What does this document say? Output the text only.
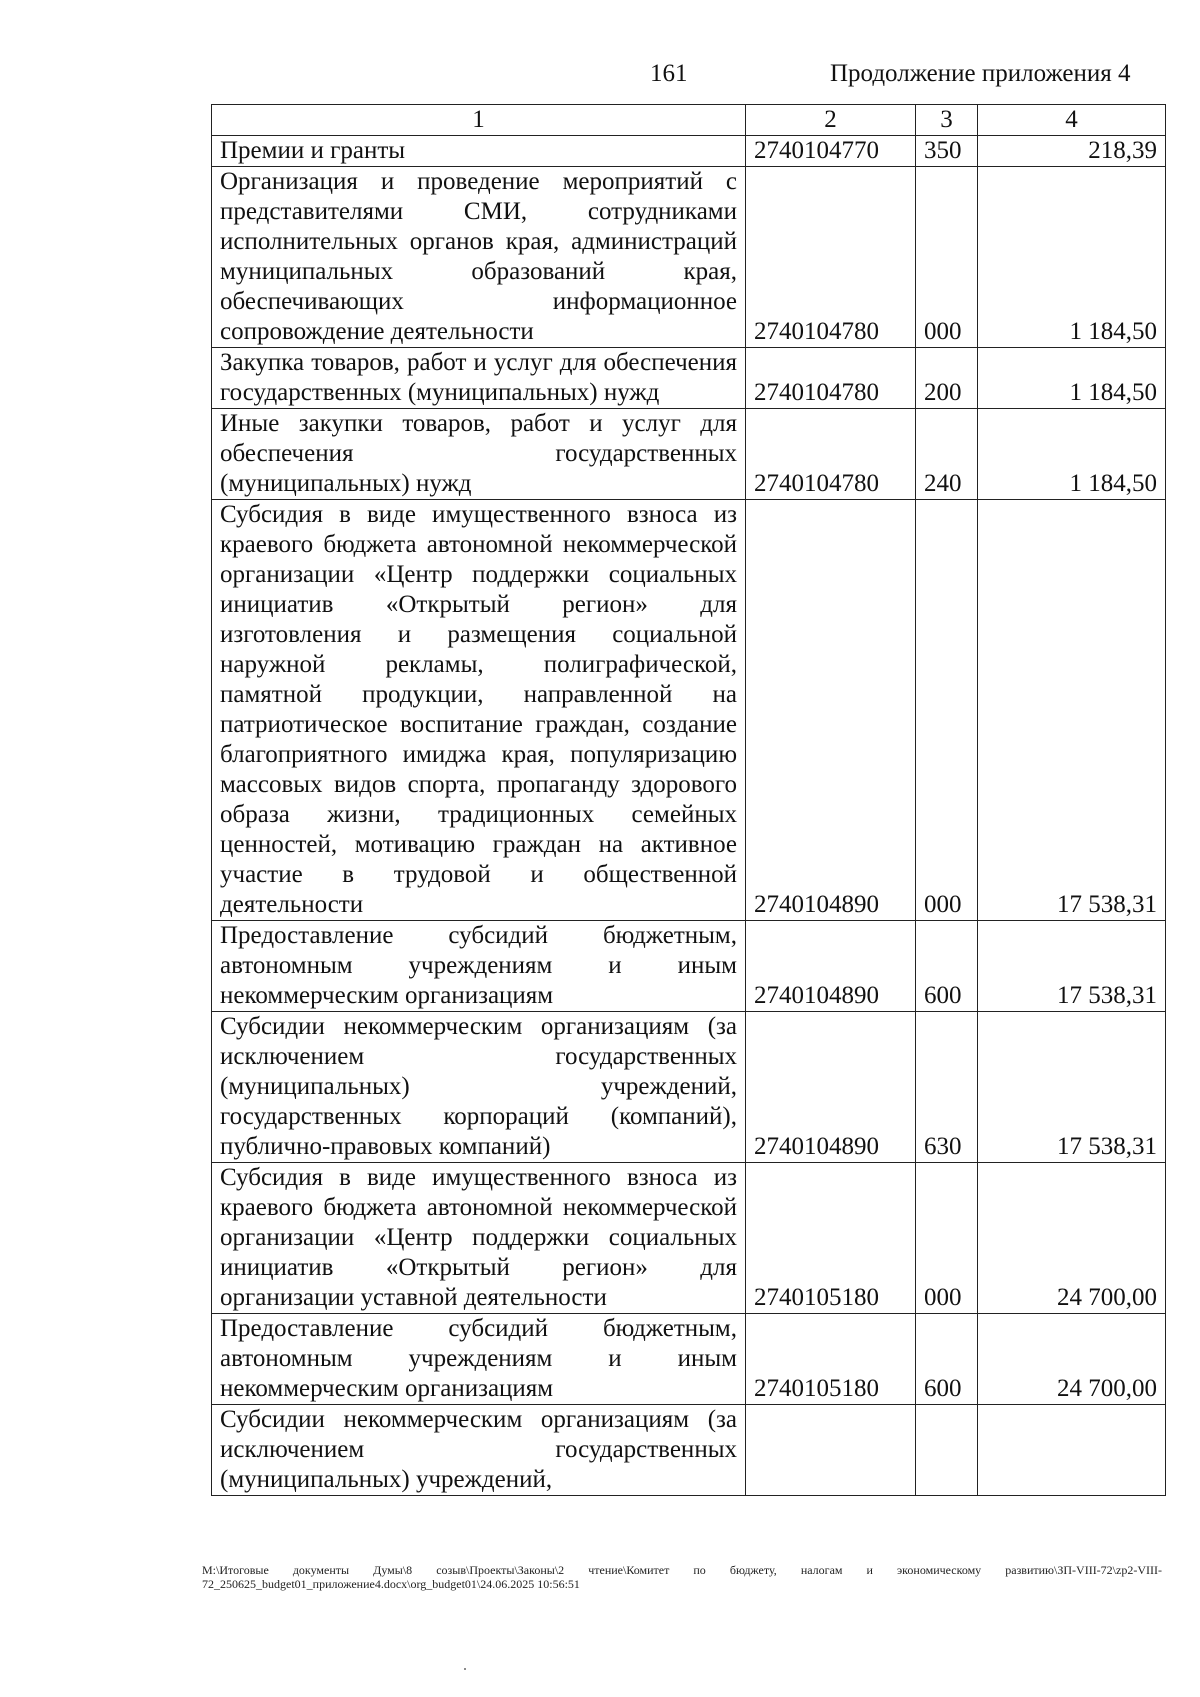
161	Продолжение приложения 4
1	2	3	4
Премии и гранты	2740104770	350	218,39
Организация и проведение мероприятий с представителями СМИ, сотрудниками исполнительных органов края, администраций муниципальных образований края, обеспечивающих информационное сопровождение деятельности	2740104780	000	1 184,50
Закупка товаров, работ и услуг для обеспечения государственных (муниципальных) нужд	2740104780	200	1 184,50
Иные закупки товаров, работ и услуг для обеспечения государственных (муниципальных) нужд	2740104780	240	1 184,50
Субсидия в виде имущественного взноса из краевого бюджета автономной некоммерческой организации «Центр поддержки социальных инициатив «Открытый регион» для изготовления и размещения социальной наружной рекламы, полиграфической, памятной продукции, направленной на патриотическое воспитание граждан, создание благоприятного имиджа края, популяризацию массовых видов спорта, пропаганду здорового образа жизни, традиционных семейных ценностей, мотивацию граждан на активное участие в трудовой и общественной деятельности	2740104890	000	17 538,31
Предоставление субсидий бюджетным, автономным учреждениям и иным некоммерческим организациям	2740104890	600	17 538,31
Субсидии некоммерческим организациям (за исключением государственных (муниципальных) учреждений, государственных корпораций (компаний), публично-правовых компаний)	2740104890	630	17 538,31
Субсидия в виде имущественного взноса из краевого бюджета автономной некоммерческой организации «Центр поддержки социальных инициатив «Открытый регион» для организации уставной деятельности	2740105180	000	24 700,00
Предоставление субсидий бюджетным, автономным учреждениям и иным некоммерческим организациям	2740105180	600	24 700,00
Субсидии некоммерческим организациям (за исключением государственных (муниципальных) учреждений,			
M:\Итоговые документы Думы\8 созыв\Проекты\Законы\2 чтение\Комитет по бюджету, налогам и экономическому развитию\ЗП-VIII-72\zp2-VIII-72_250625_budget01_приложение4.docx\org_budget01\24.06.2025 10:56:51
